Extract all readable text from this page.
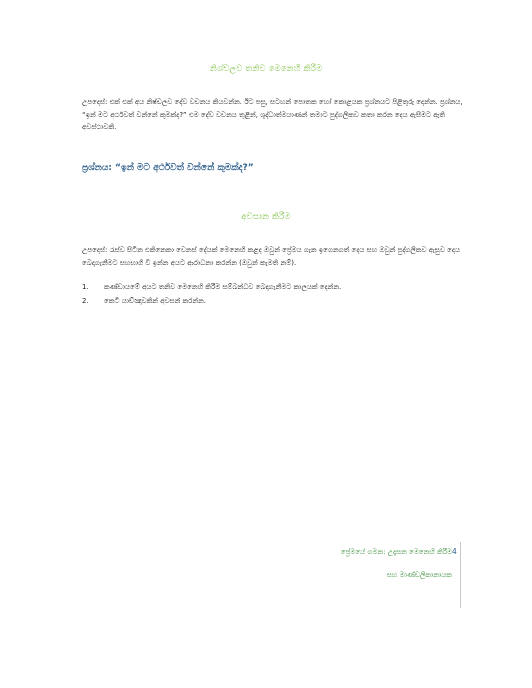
නිශ්චලව තනිව මෙනෙහි කිරීම
උපදෙස්: එක් එක් අය නිෂ්චලව දේව වචනය කියවන්න. ඊට පසු, සටහන් පොතක හෝ කොළයක ප්‍රශ්නයට පිළිතුරු දෙන්න. ප්‍රශ්නය, “ඉන් මට අර්ථවත් වන්නේ කුමක්ද?” එම දේව වචනය තුළින්, ශුද්ධාත්මයාණන් තමාට පුද්ගලිකව කතා කරන දෙය ඇසීමට ඇති අවස්ථාවකි.
ප්‍රශ්නය: “ඉන් මට අර්ථවත් වන්නේ කුමක්ද?”
අවසාන කිරීම
උපදෙස්: රැස්ව සිටින එකිනෙකා වෙනස් දේයක් මෙනෙහි කළද ඔවුන් ප්‍රේමය ගැන ඉගෙනගත් දෙය සහ ඔවුන් පුද්ගලිකව ඇසුව දෙය බෙදාගැනීමට සහභාගි වී ඉන්න අයට ආරාධනා කරන්න (ඔවුන් කැමති නම්).
1.	කණ්ඩායමේ අයට තනිව මෙනෙහි කිරීම සම්බන්ධව බෙදාගැනීමට කාලයක් දෙන්න.
2.	කෙටි යාච්ඤාවකින් අවසන් කරන්න.
ප්‍රේමයේ ගමන: උදෑසන මෙනෙහි කිරීම
සහ මාණ්ඩලිකානායක
4
